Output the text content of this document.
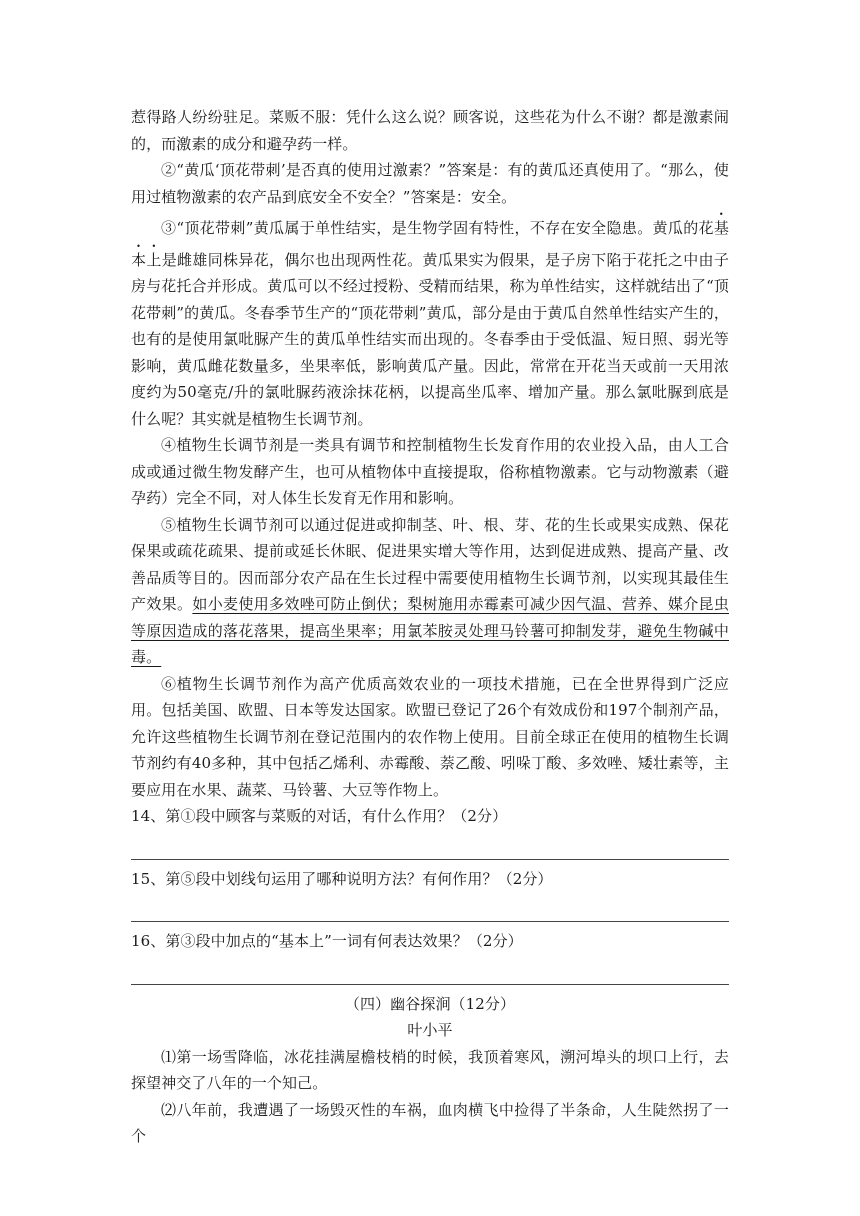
惹得路人纷纷驻足。菜贩不服：凭什么这么说？顾客说，这些花为什么不谢？都是激素闹的，而激素的成分和避孕药一样。

②“黄瓜‘顶花带刺’是否真的使用过激素？”答案是：有的黄瓜还真使用了。“那么，使用过植物激素的农产品到底安全不安全？”答案是：安全。

③“顶花带刺”黄瓜属于单性结实，是生物学固有特性，不存在安全隐患。黄瓜的花基本上是雌雄同株异花，偶尔也出现两性花。黄瓜果实为假果，是子房下陷于花托之中由子房与花托合并形成。黄瓜可以不经过授粉、受精而结果，称为单性结实，这样就结出了“顶花带刺”的黄瓜。冬春季节生产的“顶花带刺”黄瓜，部分是由于黄瓜自然单性结实产生的，也有的是使用氯吡脲产生的黄瓜单性结实而出现的。冬春季由于受低温、短日照、弱光等影响，黄瓜雌花数量多，坐果率低，影响黄瓜产量。因此，常常在开花当天或前一天用浓度约为50毫克/升的氯吡脲药液涂抹花柄，以提高坐瓜率、增加产量。那么氯吡脲到底是什么呢？其实就是植物生长调节剂。

④植物生长调节剂是一类具有调节和控制植物生长发育作用的农业投入品，由人工合成或通过微生物发酵产生，也可从植物体中直接提取，俗称植物激素。它与动物激素（避孕药）完全不同，对人体生长发育无作用和影响。

⑤植物生长调节剂可以通过促进或抑制茎、叶、根、芽、花的生长或果实成熟、保花保果或疏花疏果、提前或延长休眠、促进果实增大等作用，达到促进成熟、提高产量、改善品质等目的。因而部分农产品在生长过程中需要使用植物生长调节剂，以实现其最佳生产效果。如小麦使用多效唑可防止倒伏；梨树施用赤霉素可减少因气温、营养、媒介昆虫等原因造成的落花落果，提高坐果率；用氯苯胺灵处理马铃薯可抑制发芽，避免生物碱中毒。

⑥植物生长调节剂作为高产优质高效农业的一项技术措施，已在全世界得到广泛应用。包括美国、欧盟、日本等发达国家。欧盟已登记了26个有效成份和197个制剂产品，允许这些植物生长调节剂在登记范围内的农作物上使用。目前全球正在使用的植物生长调节剂约有40多种，其中包括乙烯利、赤霉酸、萘乙酸、吲哚丁酸、多效唑、矮壮素等，主要应用在水果、蔬菜、马铃薯、大豆等作物上。

14、第①段中顾客与菜贩的对话，有什么作用？（2分）

15、第⑤段中划线句运用了哪种说明方法？有何作用？（2分）

16、第③段中加点的“基本上”一词有何表达效果？（2分）

（四）幽谷探涧（12分）

叶小平

⑴第一场雪降临，冰花挂满屋檐枝梢的时候，我顶着寒风，溯河埠头的坝口上行，去探望神交了八年的一个知己。

⑵八年前，我遭遇了一场毁灭性的车祸，血肉横飞中捡得了半条命，人生陡然拐了一个
